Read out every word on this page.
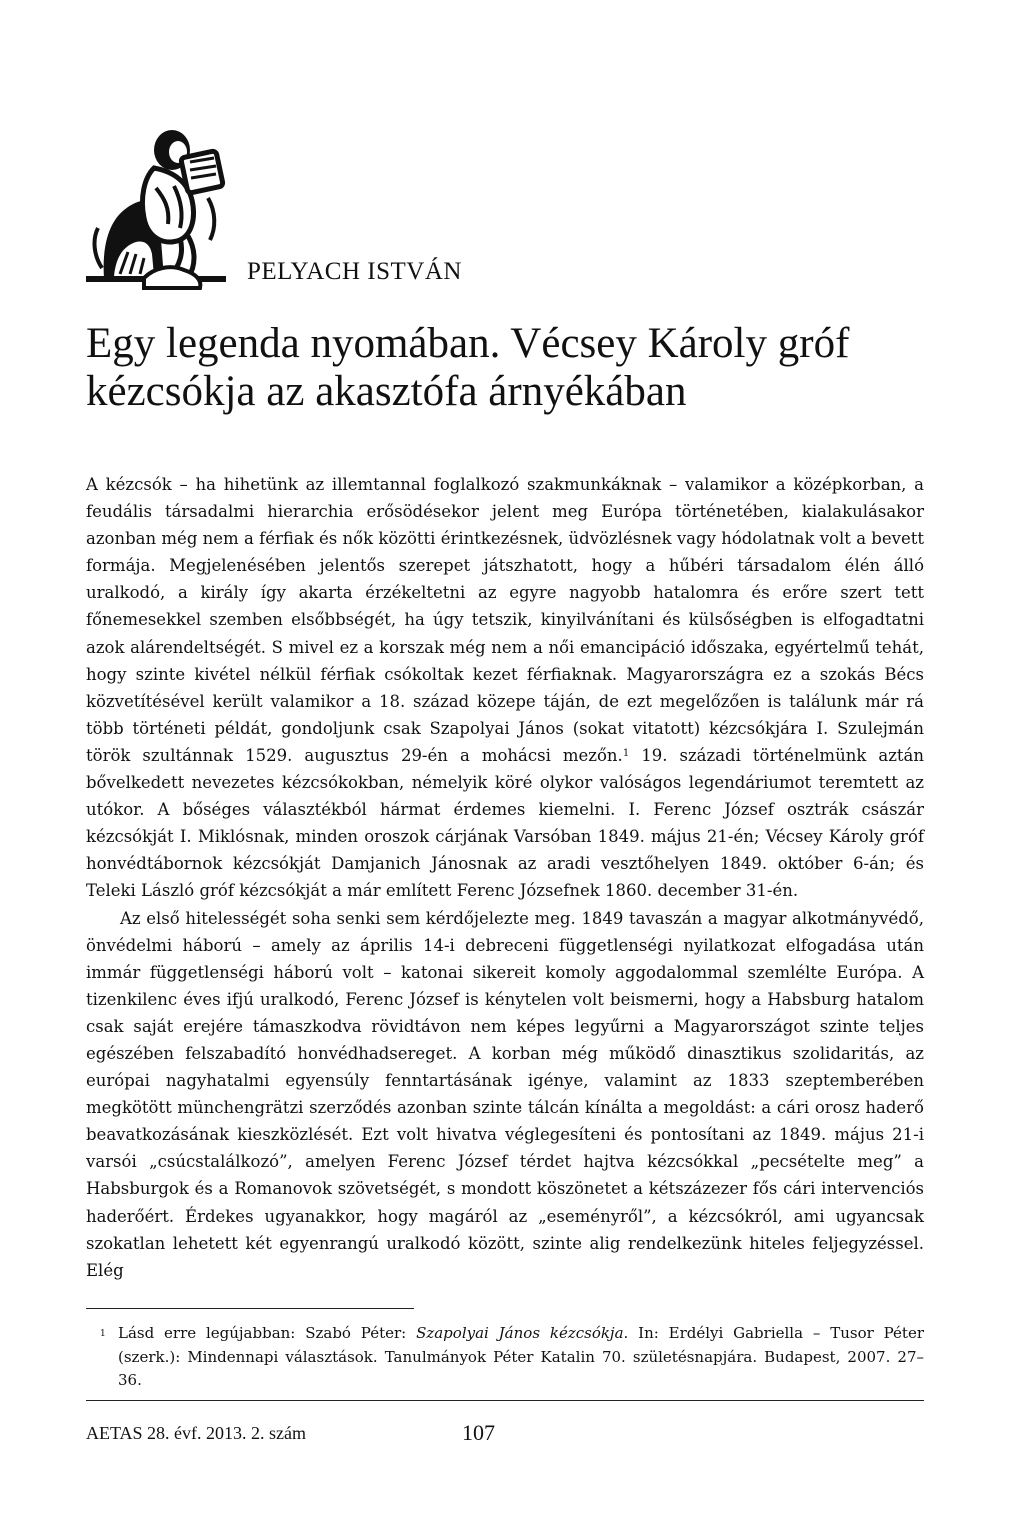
PELYACH ISTVÁN
Egy legenda nyomában. Vécsey Károly gróf kézcsókja az akasztófa árnyékában

A kézcsók – ha hihetünk az illemtannal foglalkozó szakmunkáknak – valamikor a középkorban, a feudális társadalmi hierarchia erősödésekor jelent meg Európa történetében, kialakulásakor azonban még nem a férfiak és nők közötti érintkezésnek, üdvözlésnek vagy hódolatnak volt a bevett formája. Megjelenésében jelentős szerepet játszhatott, hogy a hűbéri társadalom élén álló uralkodó, a király így akarta érzékeltetni az egyre nagyobb hatalomra és erőre szert tett főnemesekkel szemben elsőbbségét, ha úgy tetszik, kinyilvánítani és külsőségben is elfogadtatni azok alárendeltségét. S mivel ez a korszak még nem a női emancipáció időszaka, egyértelmű tehát, hogy szinte kivétel nélkül férfiak csókoltak kezet férfiaknak. Magyarországra ez a szokás Bécs közvetítésével került valamikor a 18. század közepe táján, de ezt megelőzően is találunk már rá több történeti példát, gondoljunk csak Szapolyai János (sokat vitatott) kézcsókjára I. Szulejmán török szultánnak 1529. augusztus 29-én a mohácsi mezőn.$^1$ 19. századi történelmünk aztán bővelkedett nevezetes kézcsókokban, némelyik köré olykor valóságos legendáriumot teremtett az utókor. A bőséges választékból hármat érdemes kiemelni. I. Ferenc József osztrák császár kézcsókját I. Miklósnak, minden oroszok cárjának Varsóban 1849. május 21-én; Vécsey Károly gróf honvédtábornok kézcsókját Damjanich Jánosnak az aradi vesztőhelyen 1849. október 6-án; és Teleki László gróf kézcsókját a már említett Ferenc Józsefnek 1860. december 31-én.

Az első hitelességét soha senki sem kérdőjelezte meg. 1849 tavaszán a magyar alkotmányvédő, önvédelmi háború – amely az április 14-i debreceni függetlenségi nyilatkozat elfogadása után immár függetlenségi háború volt – katonai sikereit komoly aggodalommal szemlélte Európa. A tizenkilenc éves ifjú uralkodó, Ferenc József is kénytelen volt beismerni, hogy a Habsburg hatalom csak saját erejére támaszkodva rövidtávon nem képes legyűrni a Magyarországot szinte teljes egészében felszabadító honvédhadsereget. A korban még működő dinasztikus szolidaritás, az európai nagyhatalmi egyensúly fenntartásának igénye, valamint az 1833 szeptemberében megkötött münchengrätzi szerződés azonban szinte tálcán kínálta a megoldást: a cári orosz haderő beavatkozásának kieszközlését. Ezt volt hivatva véglegesíteni és pontosítani az 1849. május 21-i varsói „csúcstalálkozó”, amelyen Ferenc József térdet hajtva kézcsókkal „pecsételte meg” a Habsburgok és a Romanovok szövetségét, s mondott köszönetet a kétszázezer fős cári intervenciós haderőért. Érdekes ugyanakkor, hogy magáról az „eseményről”, a kézcsókról, ami ugyancsak szokatlan lehetett két egyenrangú uralkodó között, szinte alig rendelkezünk hiteles feljegyzéssel. Elég

1 Lásd erre legújabban: Szabó Péter: Szapolyai János kézcsókja. In: Erdélyi Gabriella – Tusor Péter (szerk.): Mindennapi választások. Tanulmányok Péter Katalin 70. születésnapjára. Budapest, 2007. 27–36.
AETAS 28. évf. 2013. 2. szám	107
